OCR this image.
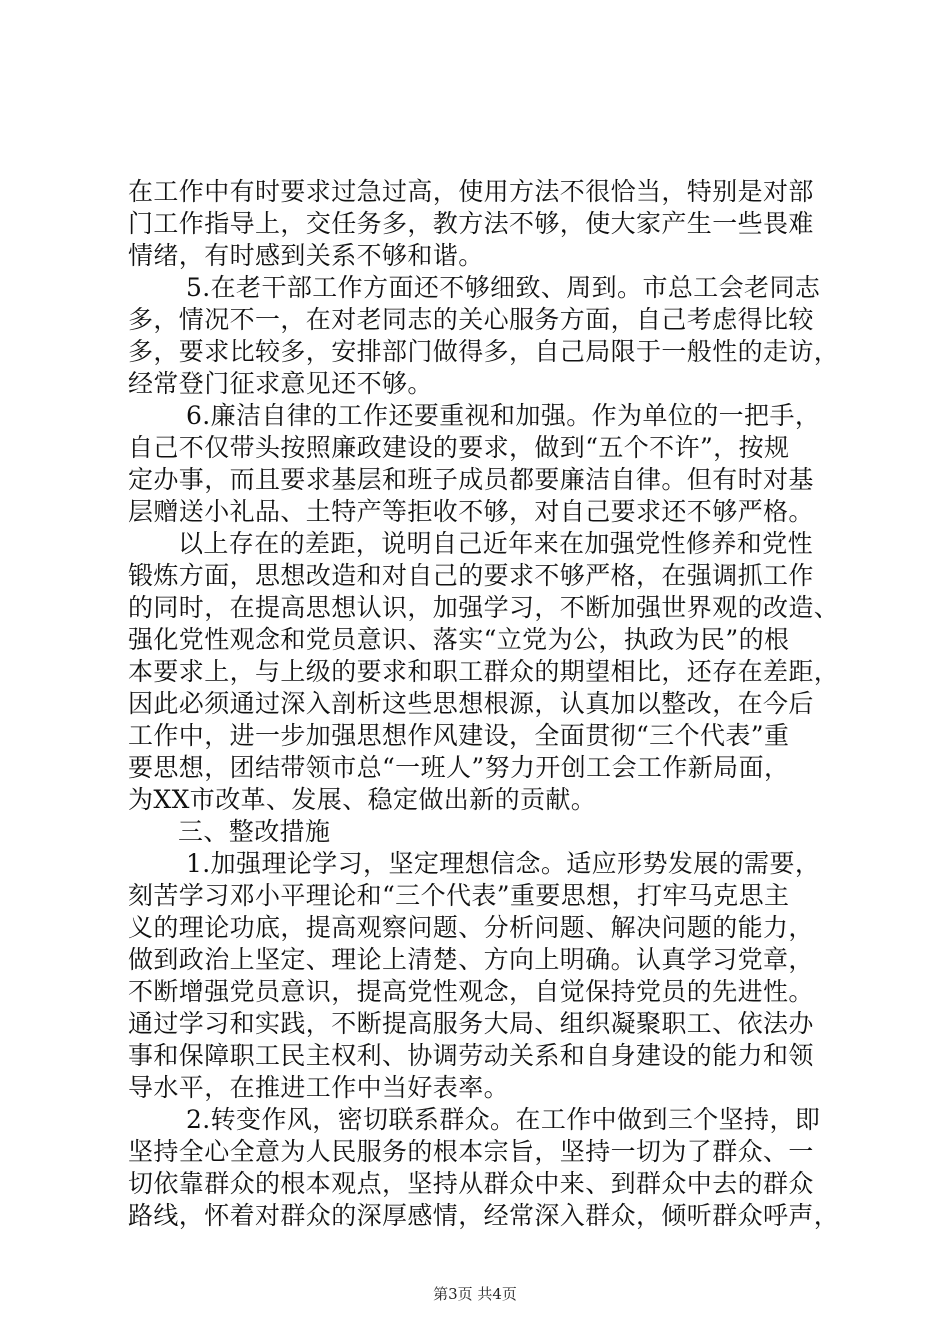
在工作中有时要求过急过高，使用方法不很恰当，特别是对部
门工作指导上，交任务多，教方法不够，使大家产生一些畏难
情绪，有时感到关系不够和谐。
5.在老干部工作方面还不够细致、周到。市总工会老同志
多，情况不一，在对老同志的关心服务方面，自己考虑得比较
多，要求比较多，安排部门做得多，自己局限于一般性的走访，
经常登门征求意见还不够。
6.廉洁自律的工作还要重视和加强。作为单位的一把手，
自己不仅带头按照廉政建设的要求，做到“五个不许”，按规
定办事，而且要求基层和班子成员都要廉洁自律。但有时对基
层赠送小礼品、土特产等拒收不够，对自己要求还不够严格。
以上存在的差距，说明自己近年来在加强党性修养和党性
锻炼方面，思想改造和对自己的要求不够严格，在强调抓工作
的同时，在提高思想认识，加强学习，不断加强世界观的改造、
强化党性观念和党员意识、落实“立党为公，执政为民”的根
本要求上，与上级的要求和职工群众的期望相比，还存在差距，
因此必须通过深入剖析这些思想根源，认真加以整改，在今后
工作中，进一步加强思想作风建设，全面贯彻“三个代表”重
要思想，团结带领市总“一班人”努力开创工会工作新局面，
为XX市改革、发展、稳定做出新的贡献。
三、整改措施
1.加强理论学习，坚定理想信念。适应形势发展的需要，
刻苦学习邓小平理论和“三个代表”重要思想，打牢马克思主
义的理论功底，提高观察问题、分析问题、解决问题的能力，
做到政治上坚定、理论上清楚、方向上明确。认真学习党章，
不断增强党员意识，提高党性观念，自觉保持党员的先进性。
通过学习和实践，不断提高服务大局、组织凝聚职工、依法办
事和保障职工民主权利、协调劳动关系和自身建设的能力和领
导水平，在推进工作中当好表率。
2.转变作风，密切联系群众。在工作中做到三个坚持，即
坚持全心全意为人民服务的根本宗旨，坚持一切为了群众、一
切依靠群众的根本观点，坚持从群众中来、到群众中去的群众
路线，怀着对群众的深厚感情，经常深入群众，倾听群众呼声，
第3页 共4页
